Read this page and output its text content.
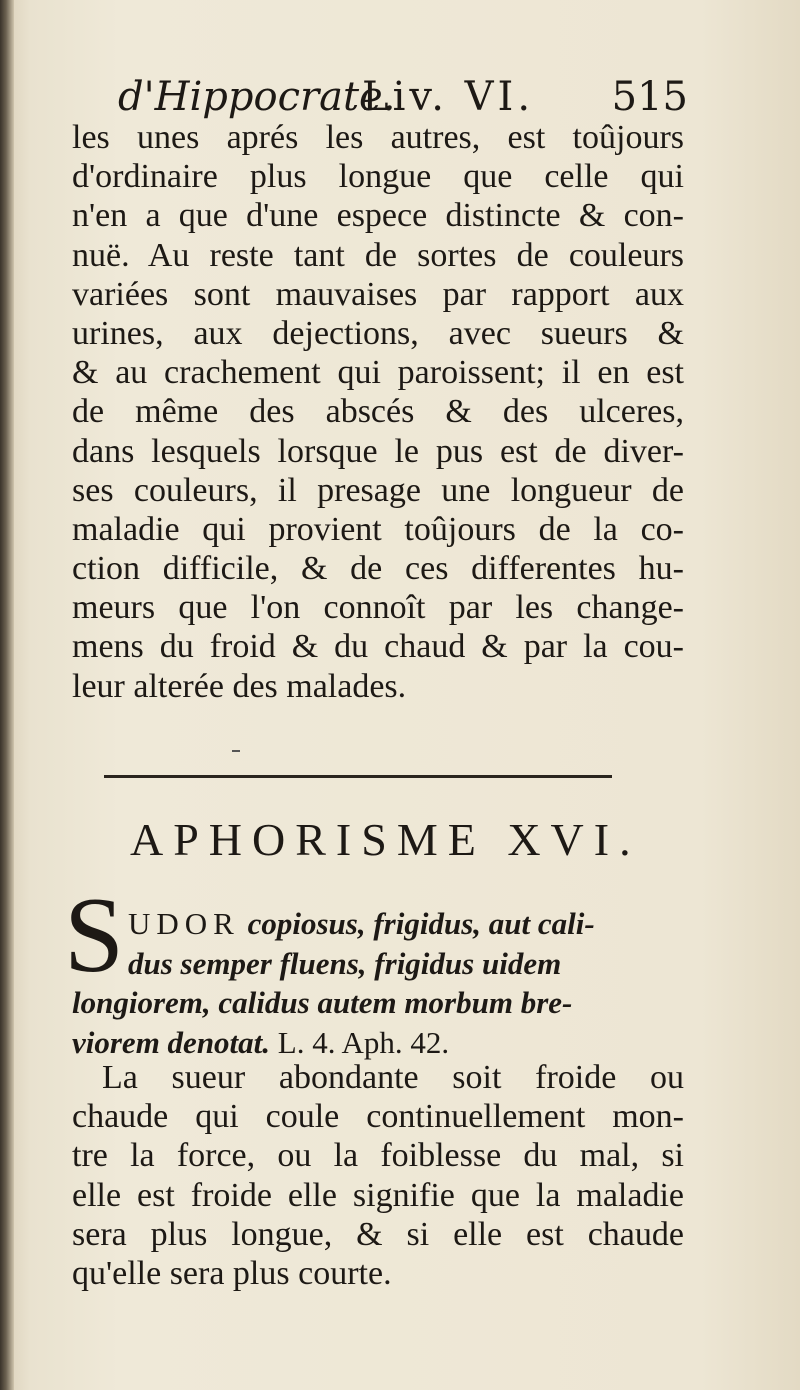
d'Hippocrate.
Liv. VI. 515
les unes aprés les autres, est toûjours
d'ordinaire plus longue que celle qui
n'en a que d'une espece distincte & con-
nuë. Au reste tant de sortes de couleurs
variées sont mauvaises par rapport aux
urines, aux dejections, avec sueurs &
& au crachement qui paroissent; il en est
de même des abscés & des ulceres,
dans lesquels lorsque le pus est de diver-
ses couleurs, il presage une longueur de
maladie qui provient toûjours de la co-
ction difficile, & de ces differentes hu-
meurs que l'on connoît par les change-
mens du froid & du chaud & par la cou-
leur alterée des malades.
APHORISME XVI.
S UDOR copiosus, frigidus, aut cali-
dus semper fluens, frigidus uidem
longiorem, calidus autem morbum bre-
viorem denotat. L. 4. Aph. 42.
La sueur abondante soit froide ou
chaude qui coule continuellement mon-
tre la force, ou la foiblesse du mal, si
elle est froide elle signifie que la maladie
sera plus longue, & si elle est chaude
qu'elle sera plus courte.
